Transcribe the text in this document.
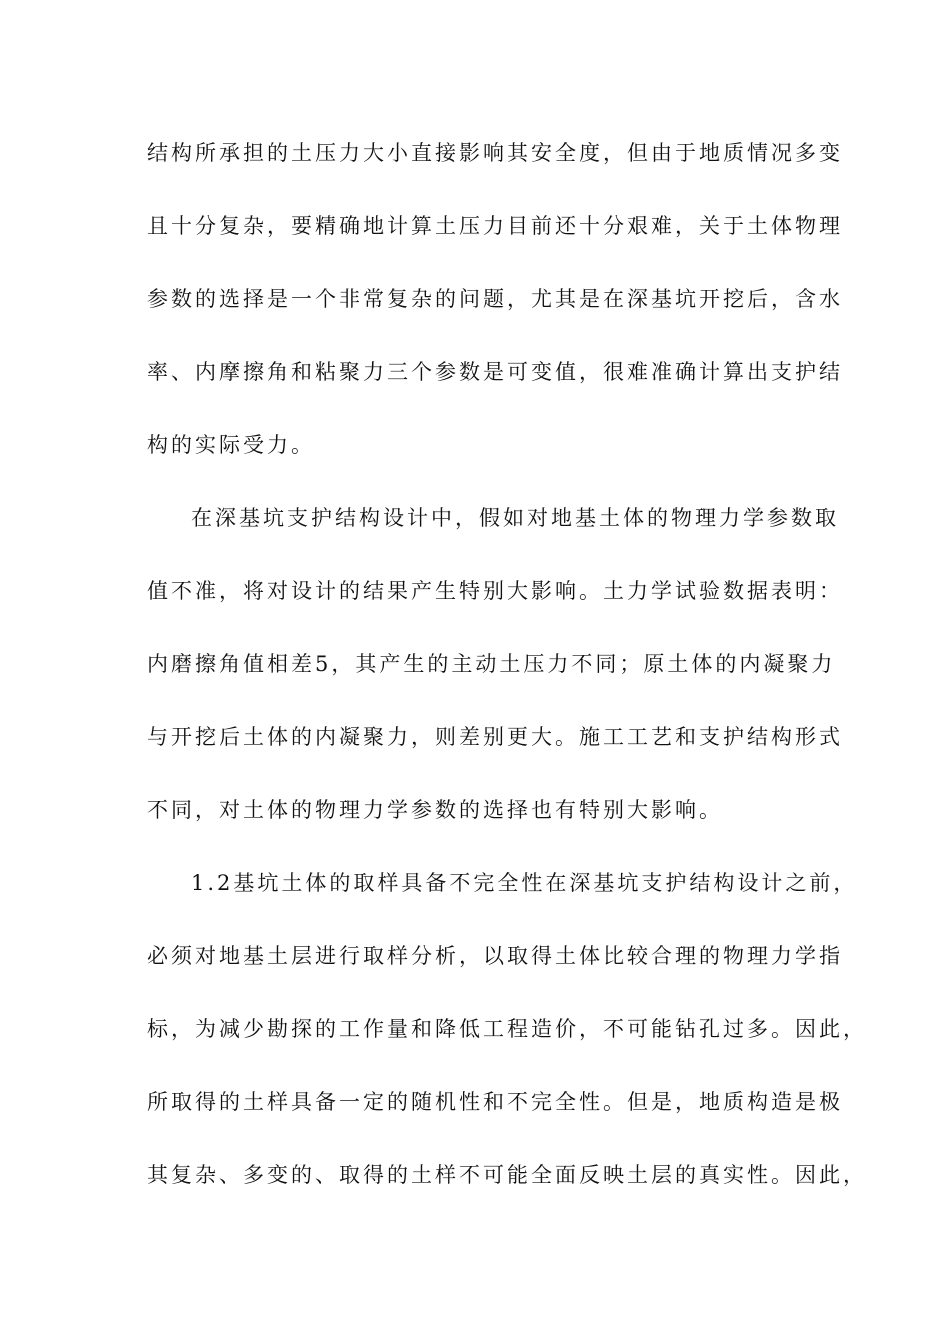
结构所承担的土压力大小直接影响其安全度，但由于地质情况多变
且十分复杂，要精确地计算土压力目前还十分艰难，关于土体物理
参数的选择是一个非常复杂的问题，尤其是在深基坑开挖后，含水
率、内摩擦角和粘聚力三个参数是可变值，很难准确计算出支护结
构的实际受力。
在深基坑支护结构设计中，假如对地基土体的物理力学参数取
值不准，将对设计的结果产生特别大影响。土力学试验数据表明：
内磨擦角值相差5，其产生的主动土压力不同；原土体的内凝聚力
与开挖后土体的内凝聚力，则差别更大。施工工艺和支护结构形式
不同，对土体的物理力学参数的选择也有特别大影响。
1.2基坑土体的取样具备不完全性在深基坑支护结构设计之前，
必须对地基土层进行取样分析，以取得土体比较合理的物理力学指
标，为减少勘探的工作量和降低工程造价，不可能钻孔过多。因此，
所取得的土样具备一定的随机性和不完全性。但是，地质构造是极
其复杂、多变的、取得的土样不可能全面反映土层的真实性。因此，
